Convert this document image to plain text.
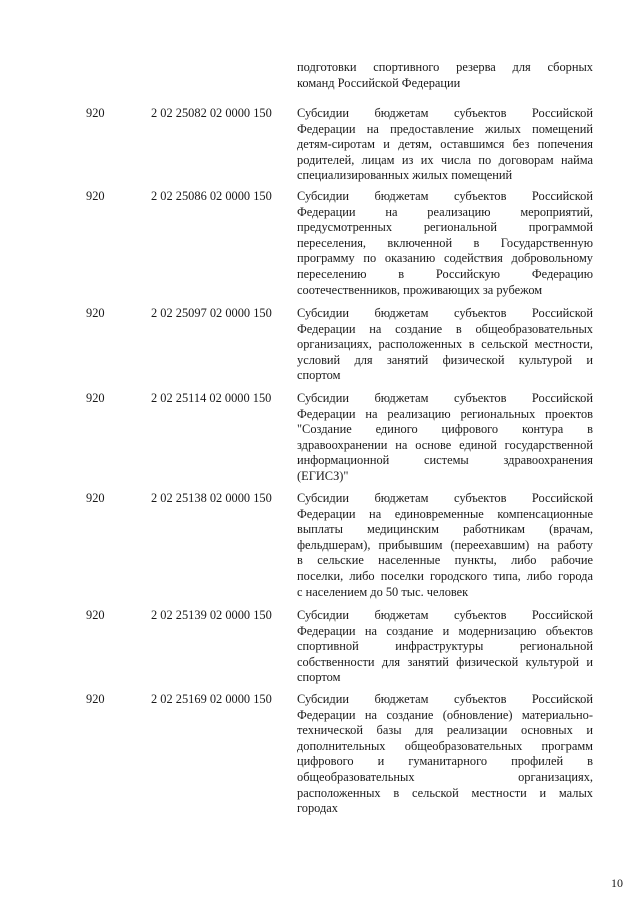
подготовки спортивного резерва для сборных
команд Российской Федерации
920	2 02 25082 02 0000 150 Субсидии бюджетам субъектов Российской
Федерации на предоставление жилых помещений
детям-сиротам и детям, оставшимся без попечения
родителей, лицам из их числа по договорам найма
специализированных жилых помещений
920	2 02 25086 02 0000 150 Субсидии бюджетам субъектов Российской
Федерации на реализацию мероприятий,
предусмотренных региональной программой
переселения, включенной в Государственную
программу по оказанию содействия добровольному
переселению в Российскую Федерацию
соотечественников, проживающих за рубежом
920	2 02 25097 02 0000 150 Субсидии бюджетам субъектов Российской
Федерации на создание в общеобразовательных
организациях, расположенных в сельской местности,
условий для занятий физической культурой и
спортом
920	2 02 25114 02 0000 150 Субсидии бюджетам субъектов Российской
Федерации на реализацию региональных проектов
"Создание единого цифрового контура в
здравоохранении на основе единой государственной
информационной системы здравоохранения
(ЕГИСЗ)"
920	2 02 25138 02 0000 150 Субсидии бюджетам субъектов Российской
Федерации на единовременные компенсационные
выплаты медицинским работникам (врачам,
фельдшерам), прибывшим (переехавшим) на работу
в сельские населенные пункты, либо рабочие
поселки, либо поселки городского типа, либо города
с населением до 50 тыс. человек
920	2 02 25139 02 0000 150 Субсидии бюджетам субъектов Российской
Федерации на создание и модернизацию объектов
спортивной инфраструктуры региональной
собственности для занятий физической культурой и
спортом
920	2 02 25169 02 0000 150 Субсидии бюджетам субъектов Российской
Федерации на создание (обновление) материально-
технической базы для реализации основных и
дополнительных общеобразовательных программ
цифрового и гуманитарного профилей в
общеобразовательных организациях,
расположенных в сельской местности и малых
городах
10
